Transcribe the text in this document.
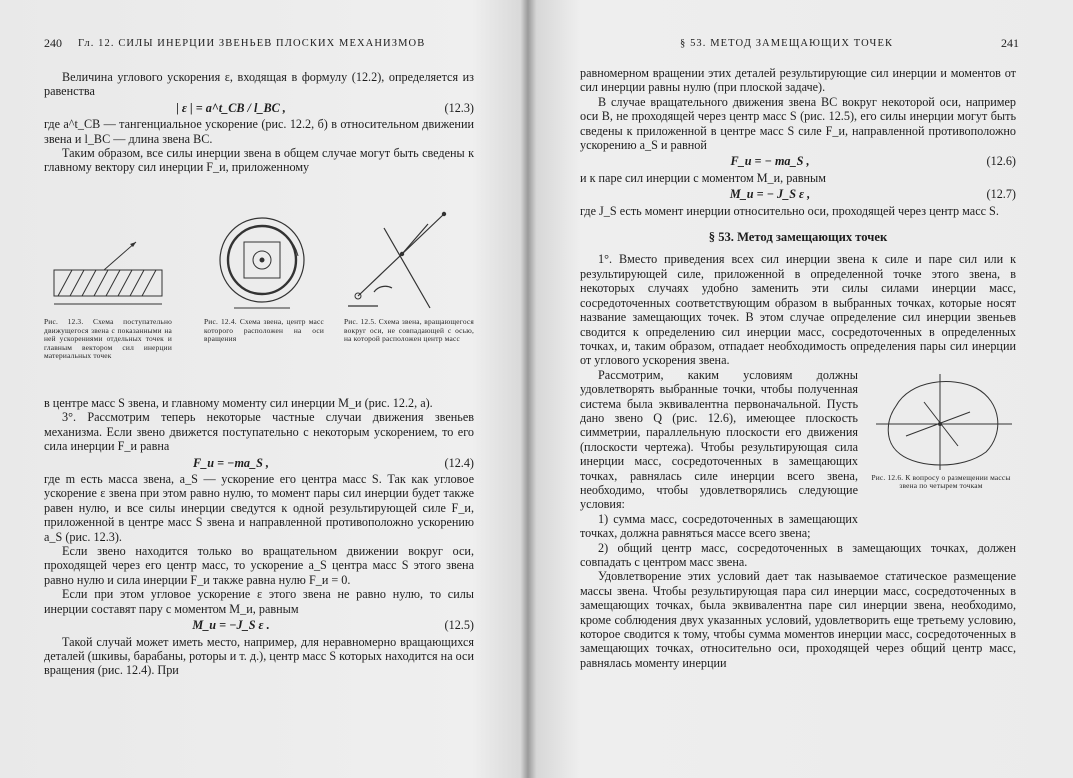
240 Гл. 12. СИЛЫ ИНЕРЦИИ ЗВЕНЬЕВ ПЛОСКИХ МЕХАНИЗМОВ

Величина углового ускорения ε, входящая в формулу (12.2), определяется из равенства

| ε | = a^t_CB / l_BC ,	(12.3)

где a^t_CB — тангенциальное ускорение (рис. 12.2, б) в относительном движении звена и l_BC — длина звена BC.

Таким образом, все силы инерции звена в общем случае могут быть сведены к главному вектору сил инерции F_и, приложенному

Рис. 12.3. Схема поступательно движущегося звена с показанными на ней ускорениями отдельных точек и главным вектором сил инерции материальных точек
Рис. 12.4. Схема звена, центр масс которого расположен на оси вращения
Рис. 12.5. Схема звена, вращающегося вокруг оси, не совпадающей с осью, на которой расположен центр масс

в центре масс S звена, и главному моменту сил инерции M_и (рис. 12.2, а).

3°. Рассмотрим теперь некоторые частные случаи движения звеньев механизма. Если звено движется поступательно с некоторым ускорением, то его сила инерции F_и равна

F_и = −ma_S ,	(12.4)

где m есть масса звена, a_S — ускорение его центра масс S. Так как угловое ускорение ε звена при этом равно нулю, то момент пары сил инерции будет также равен нулю, и все силы инерции сведутся к одной результирующей силе F_и, приложенной в центре масс S звена и направленной противоположно ускорению a_S (рис. 12.3).

Если звено находится только во вращательном движении вокруг оси, проходящей через его центр масс, то ускорение a_S центра масс S этого звена равно нулю и сила инерции F_и также равна нулю F_и = 0.

Если при этом угловое ускорение ε этого звена не равно нулю, то силы инерции составят пару с моментом M_и, равным

M_и = −J_S ε .	(12.5)

Такой случай может иметь место, например, для неравномерно вращающихся деталей (шкивы, барабаны, роторы и т. д.), центр масс S которых находится на оси вращения (рис. 12.4). При

§ 53. МЕТОД ЗАМЕЩАЮЩИХ ТОЧЕК	241

равномерном вращении этих деталей результирующие сил инерции и моментов от сил инерции равны нулю (при плоской задаче).

В случае вращательного движения звена BC вокруг некоторой оси, например оси B, не проходящей через центр масс S (рис. 12.5), его силы инерции могут быть сведены к приложенной в центре масс S силе F_и, направленной противоположно ускорению a_S и равной

F_и = − ma_S ,	(12.6)

и к паре сил инерции с моментом M_и, равным

M_и = − J_S ε ,	(12.7)

где J_S есть момент инерции относительно оси, проходящей через центр масс S.

§ 53. Метод замещающих точек

1°. Вместо приведения всех сил инерции звена к силе и паре сил или к результирующей силе, приложенной в определенной точке этого звена, в некоторых случаях удобно заменить эти силы силами инерции масс, сосредоточенных соответствующим образом в выбранных точках, которые носят название замещающих точек. В этом случае определение сил инерции звеньев сводится к определению сил инерции масс, сосредоточенных в определенных точках, и, таким образом, отпадает необходимость определения пары сил инерции от углового ускорения звена.

Рис. 12.6. К вопросу о размещении массы звена по четырем точкам

Рассмотрим, каким условиям должны удовлетворять выбранные точки, чтобы полученная система была эквивалентна первоначальной. Пусть дано звено Q (рис. 12.6), имеющее плоскость симметрии, параллельную плоскости его движения (плоскости чертежа). Чтобы результирующая сила инерции масс, сосредоточенных в замещающих точках, равнялась силе инерции всего звена, необходимо, чтобы удовлетворялись следующие условия:

1) сумма масс, сосредоточенных в замещающих точках, должна равняться массе всего звена;

2) общий центр масс, сосредоточенных в замещающих точках, должен совпадать с центром масс звена.

Удовлетворение этих условий дает так называемое статическое размещение массы звена. Чтобы результирующая пара сил инерции масс, сосредоточенных в замещающих точках, была эквивалентна паре сил инерции звена, необходимо, кроме соблюдения двух указанных условий, удовлетворить еще третьему условию, которое сводится к тому, чтобы сумма моментов инерции масс, сосредоточенных в замещающих точках, относительно оси, проходящей через общий центр масс, равнялась моменту инерции
